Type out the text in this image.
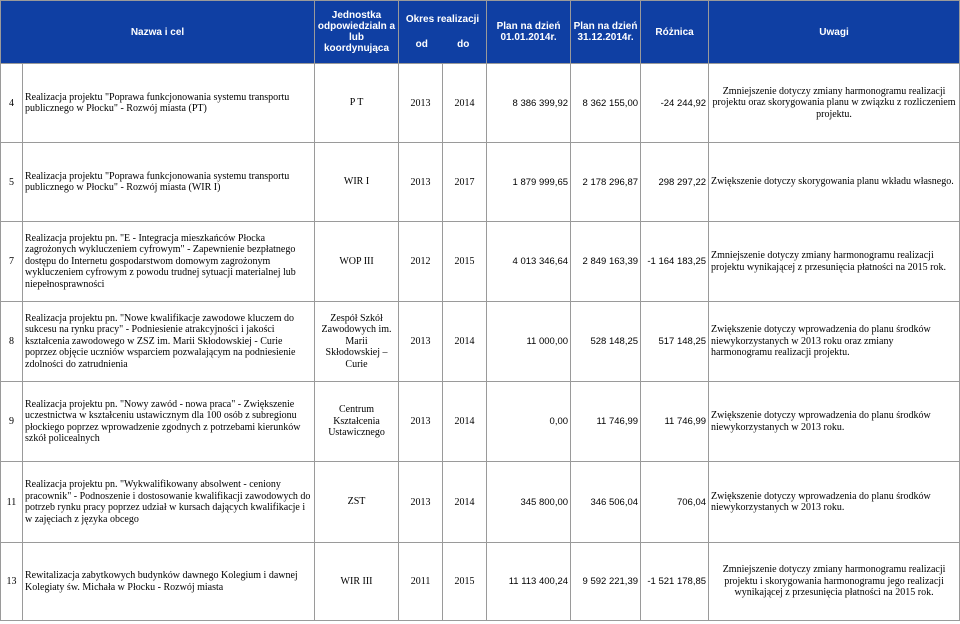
Nazwa i cel		Jednostka odpowiedzialn a lub koordynująca	Okres realizacji
od do		Plan na dzień 01.01.2014r.	Plan na dzień 31.12.2014r.	Różnica	Uwagi
4	Realizacja projektu "Poprawa funkcjonowania systemu transportu publicznego w Płocku" - Rozwój miasta (PT)	P T	2013	2014	8 386 399,92	8 362 155,00	-24 244,92	Zmniejszenie dotyczy zmiany harmonogramu realizacji projektu oraz skorygowania planu w związku z rozliczeniem projektu.
5	Realizacja projektu "Poprawa funkcjonowania systemu transportu publicznego w Płocku" - Rozwój miasta (WIR I)	WIR I	2013	2017	1 879 999,65	2 178 296,87	298 297,22	Zwiększenie dotyczy skorygowania planu wkładu własnego.
7	Realizacja projektu pn. "E - Integracja mieszkańców Płocka zagrożonych wykluczeniem cyfrowym" - Zapewnienie bezpłatnego dostępu do Internetu gospodarstwom domowym zagrożonym wykluczeniem cyfrowym z powodu trudnej sytuacji materialnej lub niepełnosprawności	WOP III	2012	2015	4 013 346,64	2 849 163,39	-1 164 183,25	Zmniejszenie dotyczy zmiany harmonogramu realizacji projektu wynikającej z przesunięcia płatności na 2015 rok.
8	Realizacja projektu pn. "Nowe kwalifikacje zawodowe kluczem do sukcesu na rynku pracy" - Podniesienie atrakcyjności i jakości kształcenia zawodowego w ZSZ im. Marii Skłodowskiej - Curie poprzez objęcie uczniów wsparciem pozwalającym na podniesienie zdolności do zatrudnienia	Zespół Szkół Zawodowych im. Marii Skłodowskiej – Curie	2013	2014	11 000,00	528 148,25	517 148,25	Zwiększenie dotyczy wprowadzenia do planu środków niewykorzystanych w 2013 roku oraz zmiany harmonogramu realizacji projektu.
9	Realizacja projektu pn. "Nowy zawód - nowa praca" - Zwiększenie uczestnictwa w kształceniu ustawicznym dla 100 osób z subregionu płockiego poprzez wprowadzenie zgodnych z potrzebami kierunków szkół policealnych	Centrum Kształcenia Ustawicznego	2013	2014	0,00	11 746,99	11 746,99	Zwiększenie dotyczy wprowadzenia do planu środków niewykorzystanych w 2013 roku.
11	Realizacja projektu pn. "Wykwalifikowany absolwent - ceniony pracownik" - Podnoszenie i dostosowanie kwalifikacji zawodowych do potrzeb rynku pracy poprzez udział w kursach dających kwalifikacje i w zajęciach z języka obcego	ZST	2013	2014	345 800,00	346 506,04	706,04	Zwiększenie dotyczy wprowadzenia do planu środków niewykorzystanych w 2013 roku.
13	Rewitalizacja zabytkowych budynków dawnego Kolegium i dawnej Kolegiaty św. Michała w Płocku - Rozwój miasta	WIR III	2011	2015	11 113 400,24	9 592 221,39	-1 521 178,85	Zmniejszenie dotyczy zmiany harmonogramu realizacji projektu i skorygowania harmonogramu jego realizacji wynikającej z przesunięcia płatności na 2015 rok.
